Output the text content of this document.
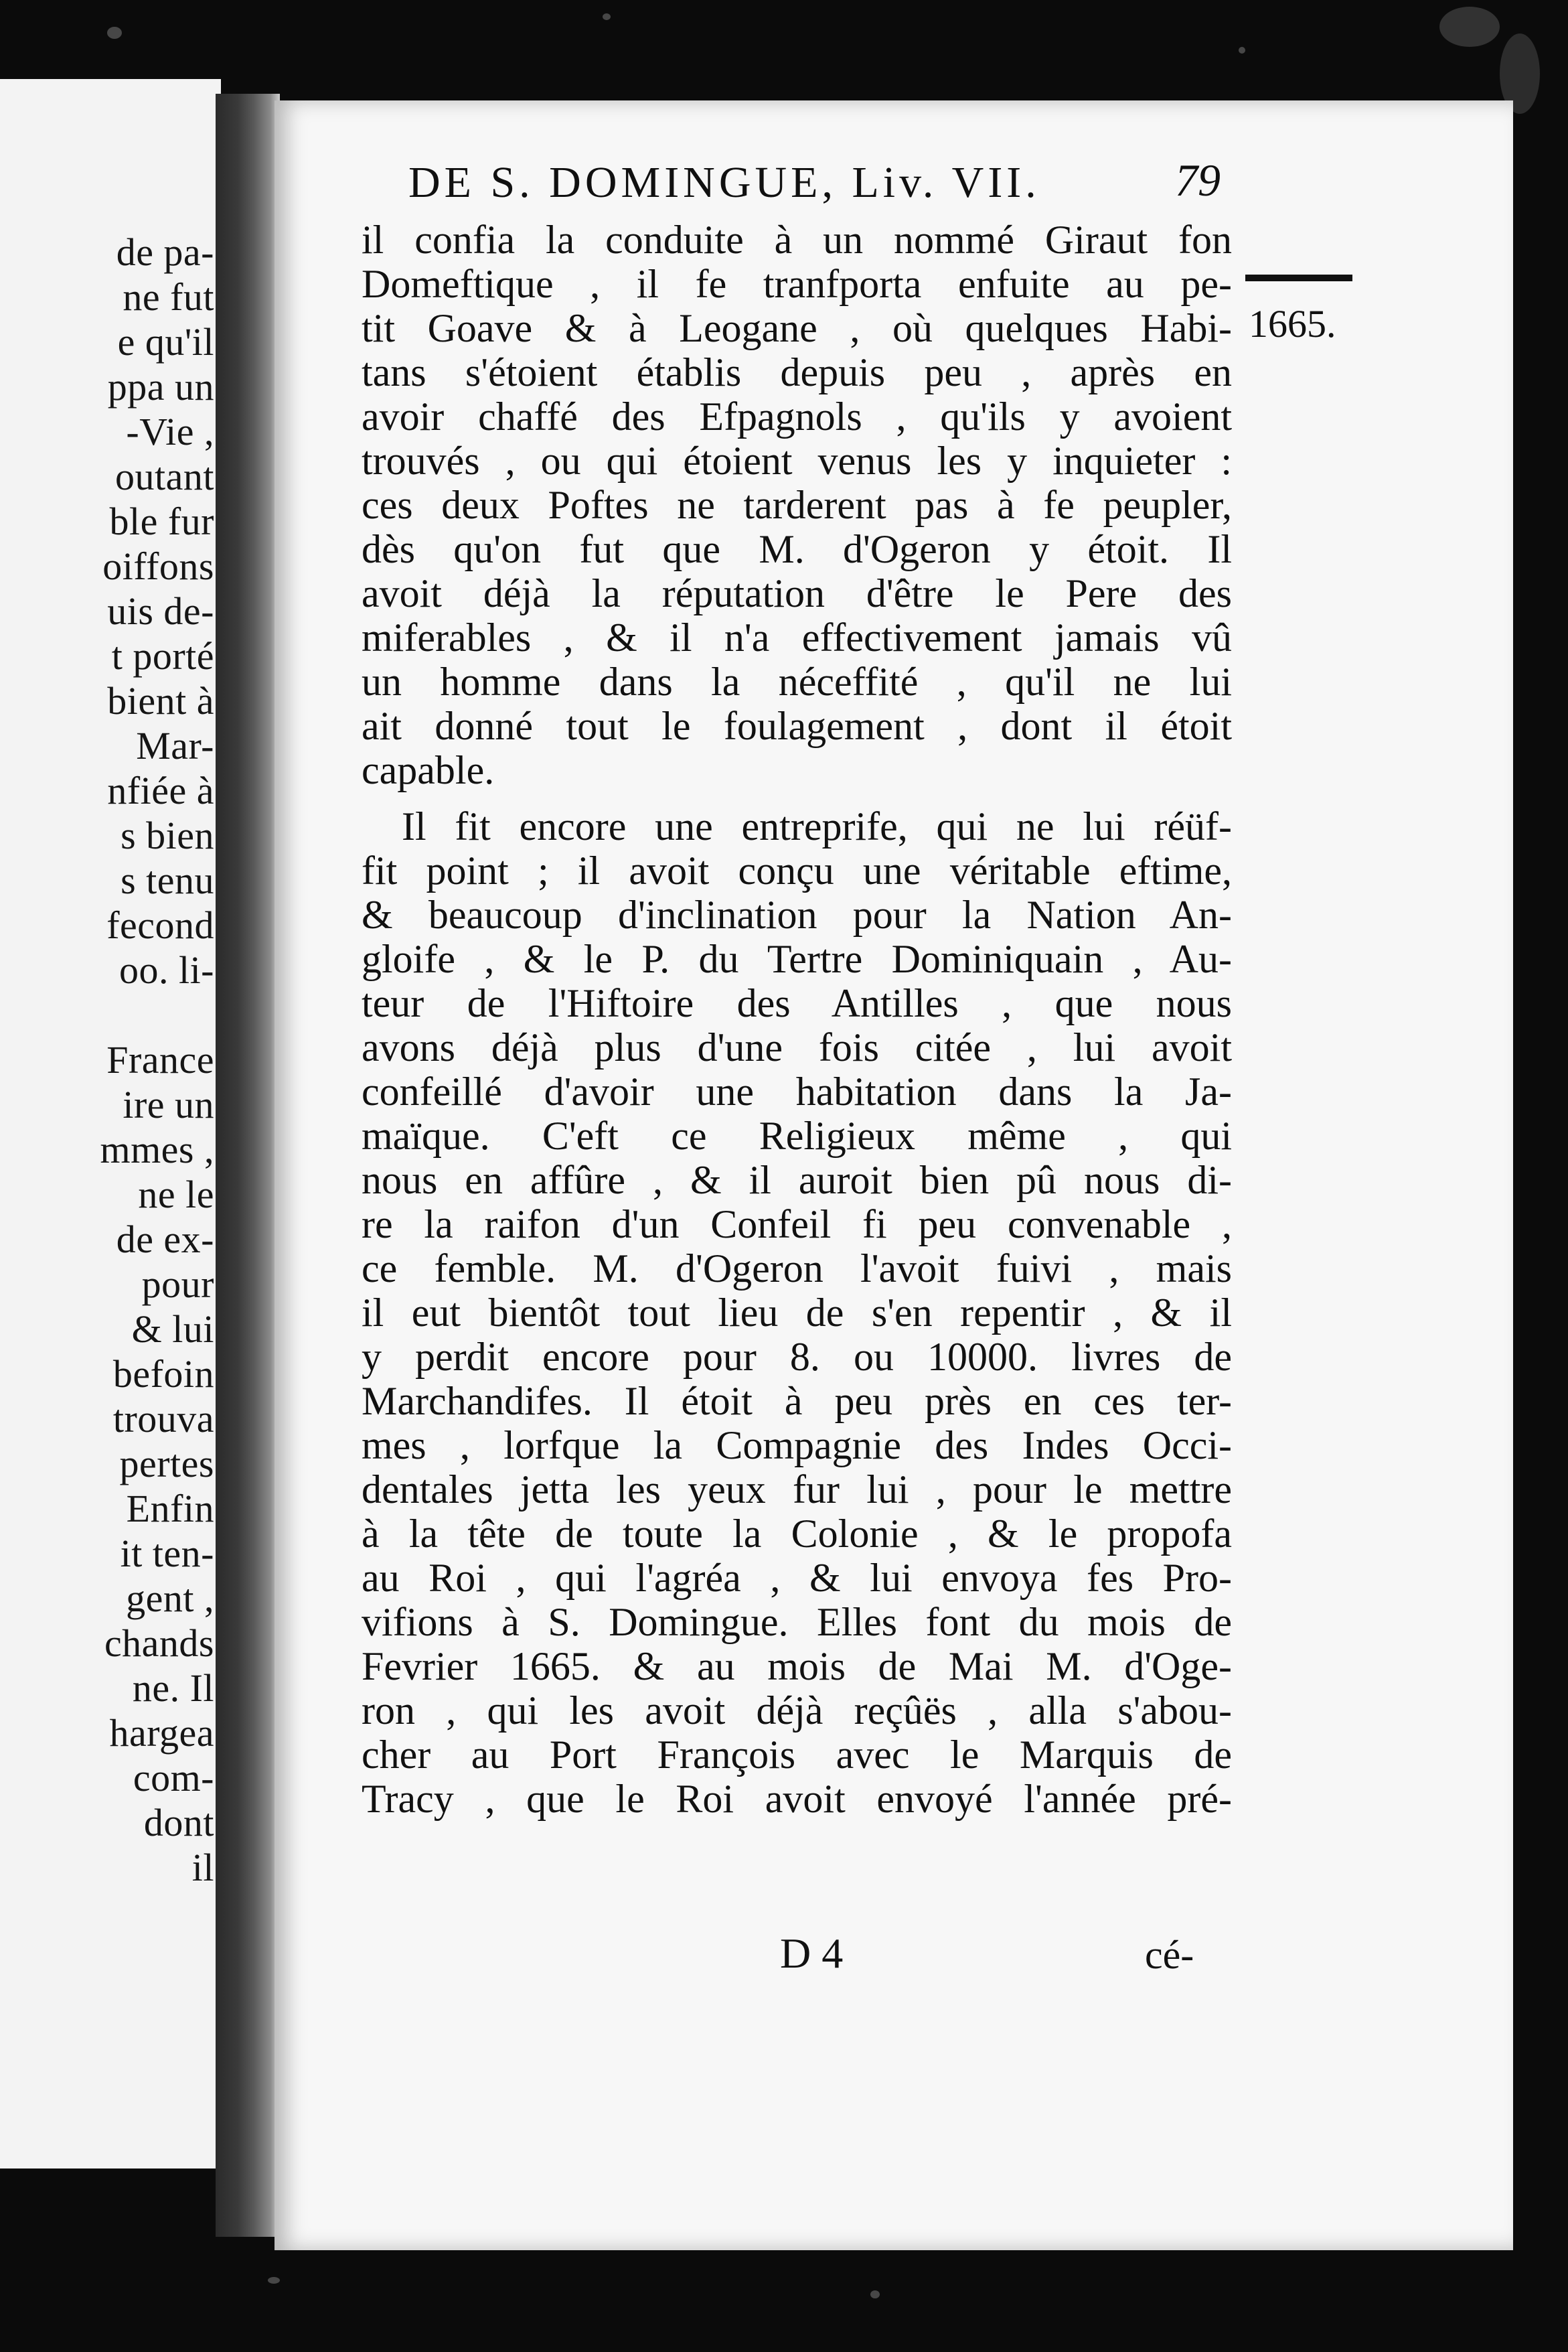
de pa-
ne fut
e qu'il
ppa un
-Vie ,
outant
ble fur
oiffons
uis de-
t porté
bient à
Mar-
nfiée à
s bien
s tenu
fecond
oo. li-
France
ire un
mmes ,
ne le
de ex-
pour
& lui
befoin
trouva
pertes
Enfin
it ten-
gent ,
chands
ne. Il
hargea
com-
dont
il
DE S. DOMINGUE, Liv. VII.	79
1665.
il confia la conduite à un nommé Giraut fon
Domeftique , il fe tranfporta enfuite au pe-
tit Goave & à Leogane , où quelques Habi-
tans s'étoient établis depuis peu , après en
avoir chaffé des Efpagnols , qu'ils y avoient
trouvés , ou qui étoient venus les y inquieter :
ces deux Poftes ne tarderent pas à fe peupler,
dès qu'on fut que M. d'Ogeron y étoit. Il
avoit déjà la réputation d'être le Pere des
miferables , & il n'a effectivement jamais vû
un homme dans la néceffité , qu'il ne lui
ait donné tout le foulagement , dont il étoit
capable.
Il fit encore une entreprife, qui ne lui réüf-
fit point ; il avoit conçu une véritable eftime,
& beaucoup d'inclination pour la Nation An-
gloife , & le P. du Tertre Dominiquain , Au-
teur de l'Hiftoire des Antilles , que nous
avons déjà plus d'une fois citée , lui avoit
confeillé d'avoir une habitation dans la Ja-
maïque. C'eft ce Religieux même , qui
nous en affûre , & il auroit bien pû nous di-
re la raifon d'un Confeil fi peu convenable ,
ce femble. M. d'Ogeron l'avoit fuivi , mais
il eut bientôt tout lieu de s'en repentir , & il
y perdit encore pour 8. ou 10000. livres de
Marchandifes. Il étoit à peu près en ces ter-
mes , lorfque la Compagnie des Indes Occi-
dentales jetta les yeux fur lui , pour le mettre
à la tête de toute la Colonie , & le propofa
au Roi , qui l'agréa , & lui envoya fes Pro-
vifions à S. Domingue. Elles font du mois de
Fevrier 1665. & au mois de Mai M. d'Oge-
ron , qui les avoit déjà reçûës , alla s'abou-
cher au Port François avec le Marquis de
Tracy , que le Roi avoit envoyé l'année pré-
D 4	cé-
